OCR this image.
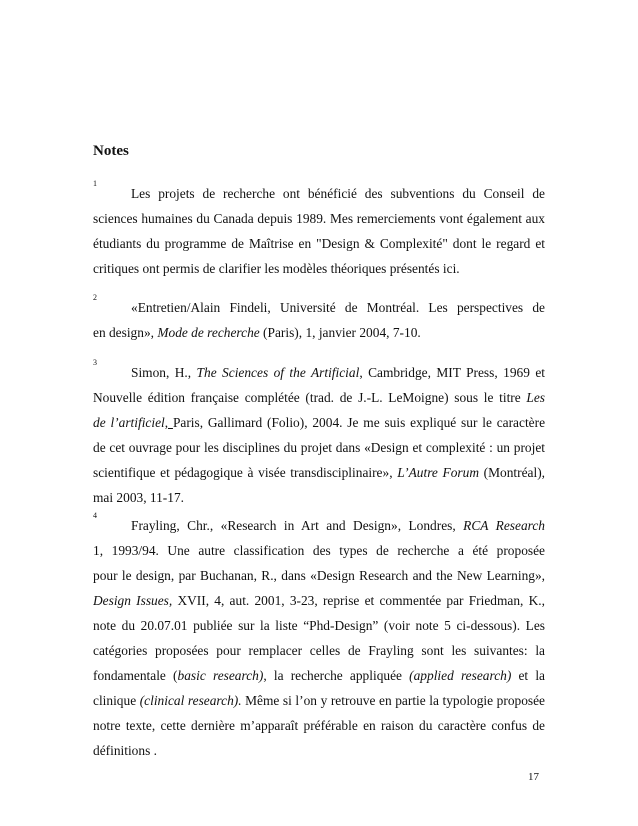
Notes
1
Les projets de recherche ont bénéficié des subventions du Conseil de
sciences humaines du Canada depuis 1989. Mes remerciements vont également aux
étudiants du programme de Maîtrise en "Design & Complexité" dont le regard et
critiques ont permis de clarifier les modèles théoriques présentés ici.
2
«Entretien/Alain Findeli, Université de Montréal. Les perspectives de
en design», Mode de recherche (Paris), 1, janvier 2004, 7-10.
3
Simon, H., The Sciences of the Artificial, Cambridge, MIT Press, 1969 et
Nouvelle édition française complétée (trad. de J.-L. LeMoigne) sous le titre Les
de l’artificiel, Paris, Gallimard (Folio), 2004. Je me suis expliqué sur le caractère
de cet ouvrage pour les disciplines du projet dans «Design et complexité : un projet
scientifique et pédagogique à visée transdisciplinaire», L’Autre Forum (Montréal),
mai 2003, 11-17.
4
Frayling, Chr., «Research in Art and Design», Londres, RCA Research
1, 1993/94. Une autre classification des types de recherche a été proposée
pour le design, par Buchanan, R., dans «Design Research and the New Learning»,
Design Issues, XVII, 4, aut. 2001, 3-23, reprise et commentée par Friedman, K.,
note du 20.07.01 publiée sur la liste “Phd-Design” (voir note 5 ci-dessous). Les
catégories proposées pour remplacer celles de Frayling sont les suivantes: la
fondamentale (basic research), la recherche appliquée (applied research) et la
clinique (clinical research). Même si l’on y retrouve en partie la typologie proposée
notre texte, cette dernière m’apparaît préférable en raison du caractère confus de
définitions .
17
